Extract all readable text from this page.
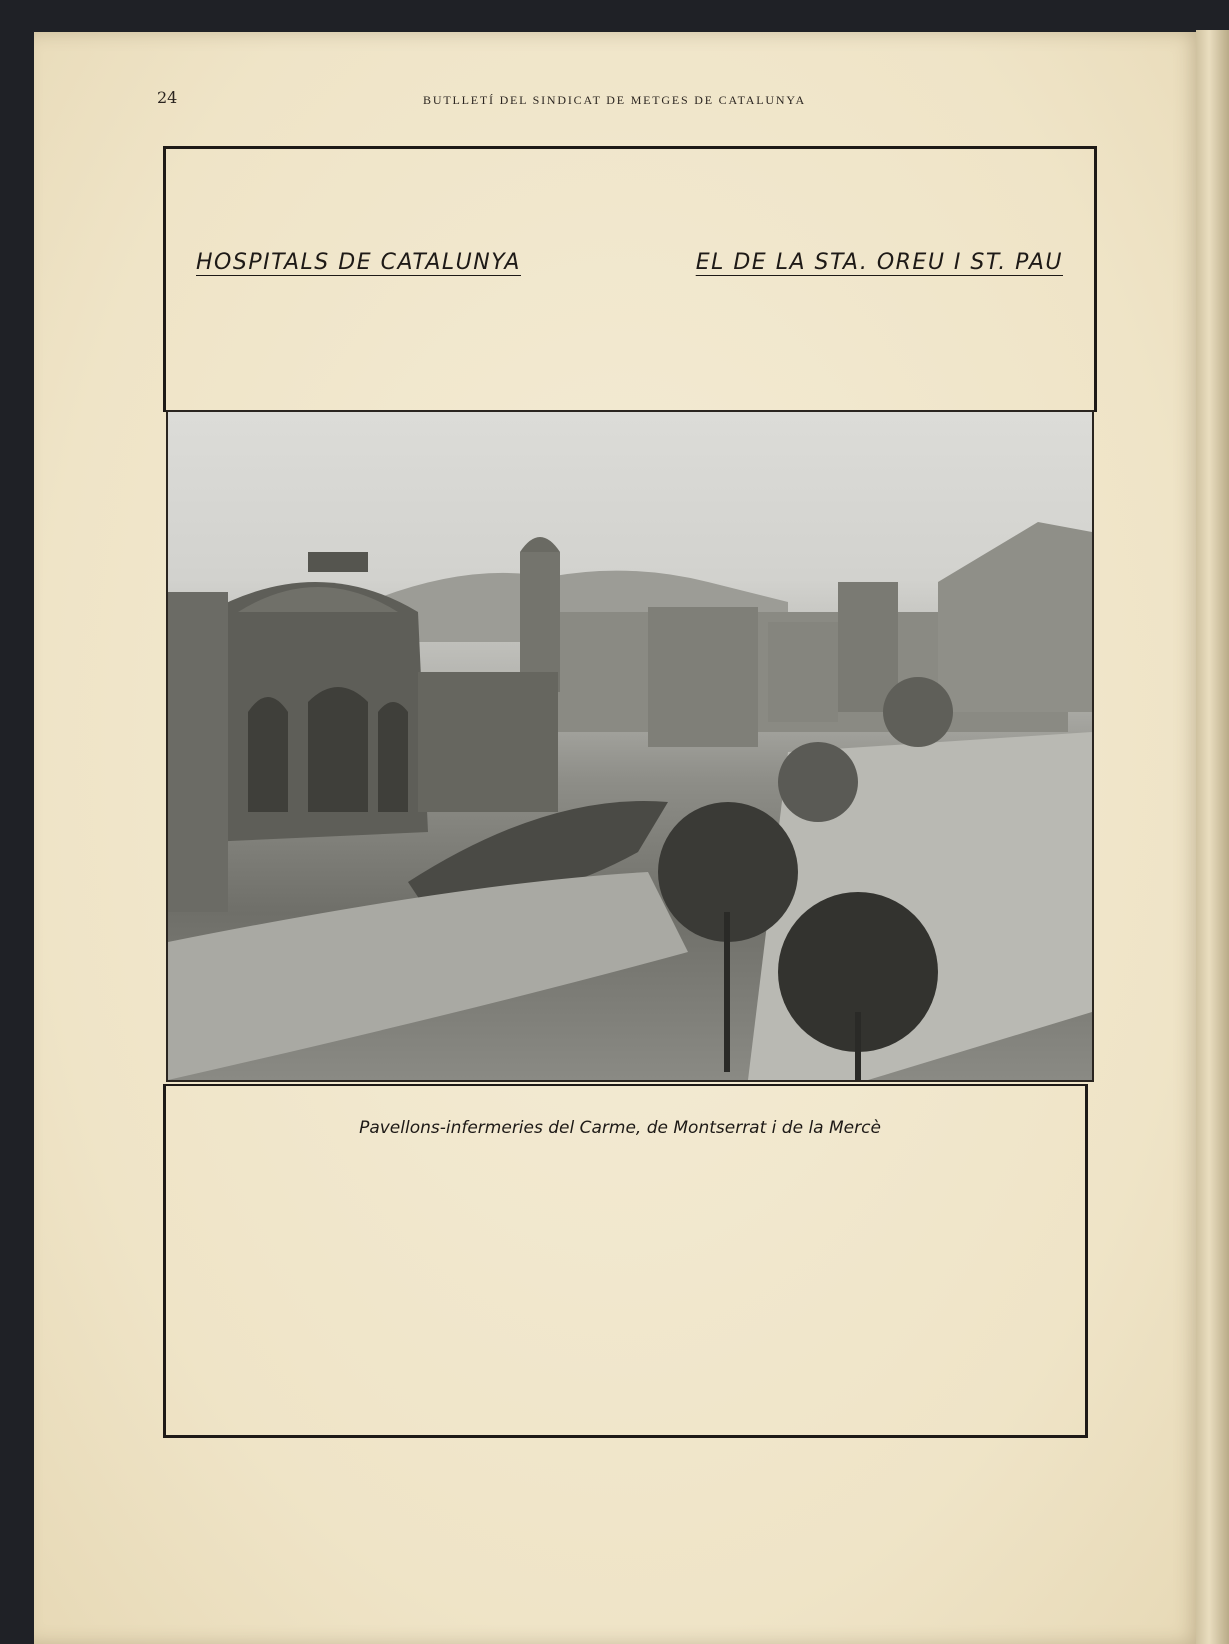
24	BUTLLETÍ DEL SINDICAT DE METGES DE CATALUNYA
HOSPITALS DE CATALUNYA	EL DE LA STA. OREU I ST. PAU
Pavellons-infermeries del Carme, de Montserrat i de la Mercè
